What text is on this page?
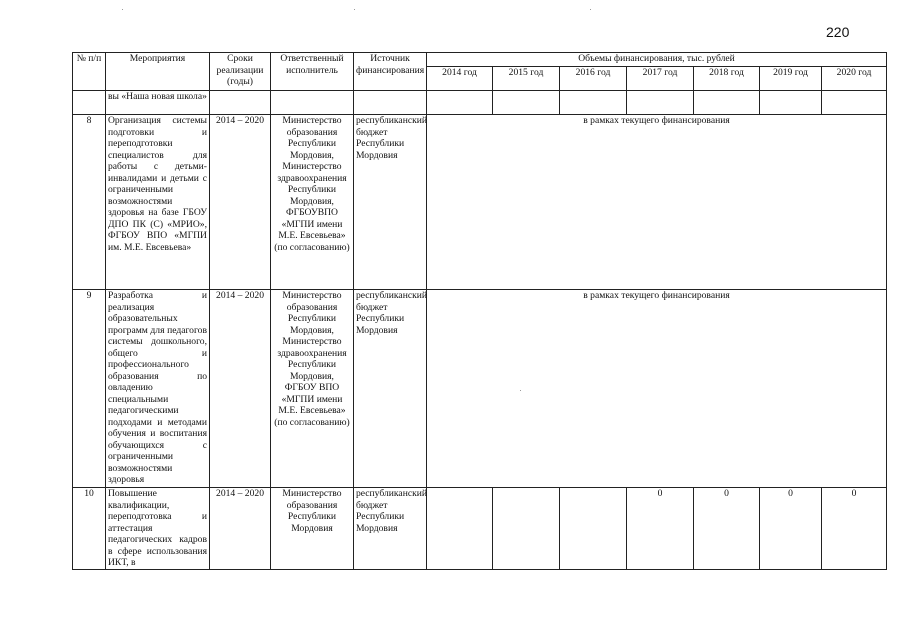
220
№ п/п	Мероприятия	Сроки реализации (годы)	Ответственный исполнитель	Источник финансирования	Объемы финансирования, тыс. рублей						
					2014 год	2015 год	2016 год	2017 год	2018 год	2019 год	2020 год
	вы «Наша новая школа»										
8	Организация системы подготовки и переподготовки специалистов для работы с детьми-инвалидами и детьми с ограниченными возможностями здоровья на базе ГБОУ ДПО ПК (С) «МРИО», ФГБОУ ВПО «МГПИ им. М.Е. Евсевьева»	2014 – 2020	Министерство образования Республики Мордовия, Министерство здравоохранения Республики Мордовия, ФГБОУВПО «МГПИ имени М.Е. Евсевьева» (по согласованию)	республиканский бюджет Республики Мордовия	в рамках текущего финансирования						
9	Разработка и реализация образовательных программ для педагогов системы дошкольного, общего и профессионального образования по овладению специальными педагогическими подходами и методами обучения и воспитания обучающихся с ограниченными возможностями здоровья	2014 – 2020	Министерство образования Республики Мордовия, Министерство здравоохранения Республики Мордовия, ФГБОУ ВПО «МГПИ имени М.Е. Евсевьева» (по согласованию)	республиканский бюджет Республики Мордовия	в рамках текущего финансирования						
10	Повышение квалификации, переподготовка и аттестация педагогических кадров в сфере использования ИКТ, в	2014 – 2020	Министерство образования Республики Мордовия	республиканский бюджет Республики Мордовия				0	0	0	0
